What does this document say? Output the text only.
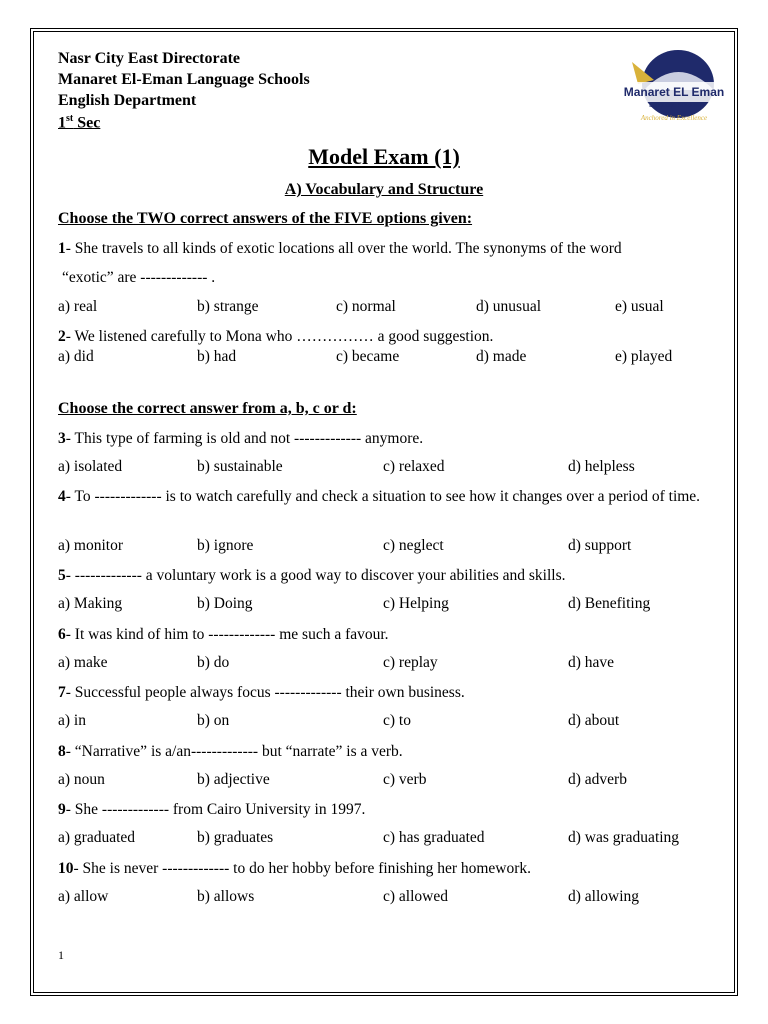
Nasr City East Directorate
Manaret El-Eman Language Schools
English Department
1st Sec
Manaret EL Eman
Language Schools
Anchored in Excellence
Model Exam (1)
A) Vocabulary and Structure
Choose the TWO correct answers of the FIVE options given:
1- She travels to all kinds of exotic locations all over the world. The synonyms of the word
“exotic” are ------------- .
a) real	b) strange	c) normal	d) unusual	e) usual
2- We listened carefully to Mona who …………… a good suggestion.
a) did	b) had	c) became	d) made	e) played
Choose the correct answer from a, b, c or d:
3- This type of farming is old and not ------------- anymore.
a) isolated	b) sustainable	c) relaxed	d) helpless
4- To ------------- is to watch carefully and check a situation to see how it changes over a period of time.
a) monitor	b) ignore	c) neglect	d) support
5- ------------- a voluntary work is a good way to discover your abilities and skills.
a) Making	b) Doing	c) Helping	d) Benefiting
6- It was kind of him to ------------- me such a favour.
a) make	b) do	c) replay	d) have
7- Successful people always focus ------------- their own business.
a) in	b) on	c) to	d) about
8- “Narrative” is a/an------------- but “narrate” is a verb.
a) noun	b) adjective	c) verb	d) adverb
9- She ------------- from Cairo University in 1997.
a) graduated	b) graduates	c) has graduated	d) was graduating
10- She is never ------------- to do her hobby before finishing her homework.
a) allow	b) allows	c) allowed	d) allowing
1
